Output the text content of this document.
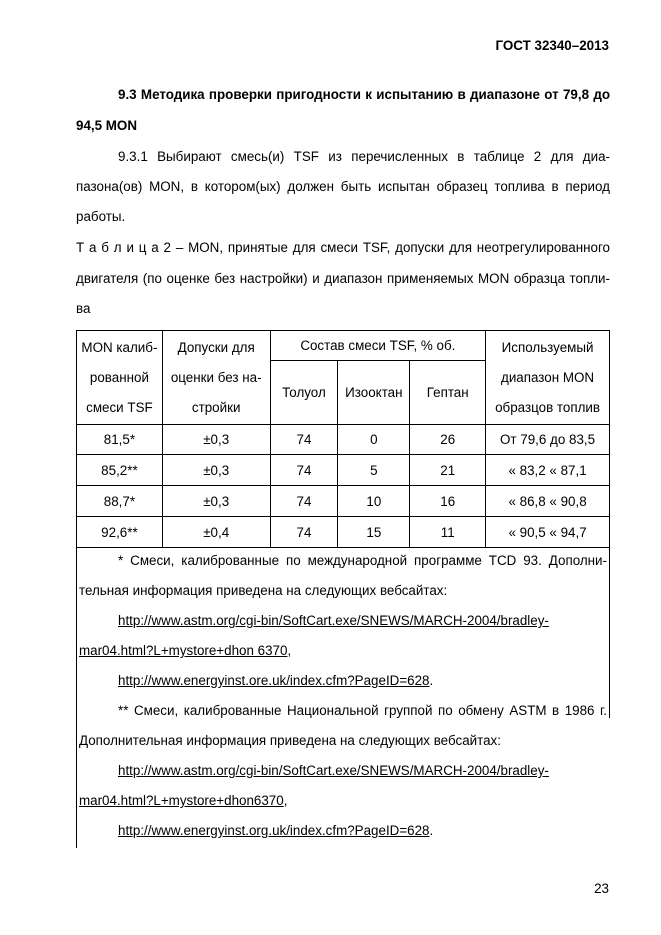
ГОСТ 32340–2013
9.3 Методика проверки пригодности к испытанию в диапазоне от 79,8 до
94,5 MON
9.3.1 Выбирают смесь(и) TSF из перечисленных в таблице 2 для диа-
пазона(ов) MON, в котором(ых) должен быть испытан образец топлива в период
работы.
Т а б л и ц а 2 – MON, принятые для смеси TSF, допуски для неотрегулированного
двигателя (по оценке без настройки) и диапазон применяемых MON образца топли-
ва
MON калиб-
рованной
смеси TSF	Допуски для
оценки без на-
стройки	Состав смеси TSF, % об.			Используемый
диапазон MON
образцов топлив

		Толуол	Изооктан	Гептан	
81,5*	±0,3	74	0	26	От 79,6 до 83,5
85,2**	±0,3	74	5	21	« 83,2 « 87,1
88,7*	±0,3	74	10	16	« 86,8 « 90,8
92,6**	±0,4	74	15	11	« 90,5 « 94,7
* Смеси, калиброванные по международной программе TCD 93. Дополни-
тельная информация приведена на следующих вебсайтах:
http://www.astm.org/cgi-bin/SoftCart.exe/SNEWS/MARCH-2004/bradley-
mar04.html?L+mystore+dhon 6370,
http://www.energyinst.ore.uk/index.cfm?PageID=628.
** Смеси, калиброванные Национальной группой по обмену ASTM в 1986 г.
Дополнительная информация приведена на следующих вебсайтах:
http://www.astm.org/cgi-bin/SoftCart.exe/SNEWS/MARCH-2004/bradley-
mar04.html?L+mystore+dhon6370,
http://www.energyinst.org.uk/index.cfm?PageID=628.
23
